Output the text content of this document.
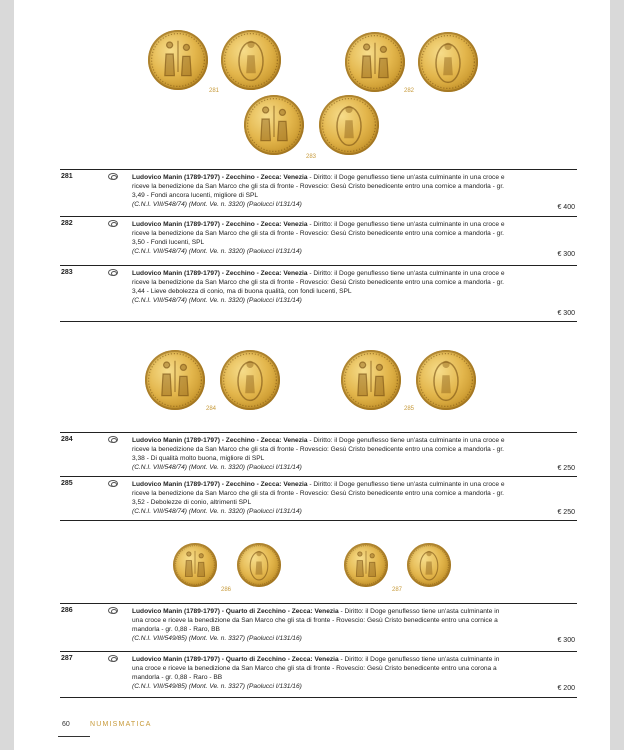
281	282
283
281	Ludovico Manin (1789-1797) - Zecchino - Zecca: Venezia - Diritto: il Doge genuflesso tiene un'asta culminante in una croce e riceve la benedizione da San Marco che gli sta di fronte - Rovescio: Gesù Cristo benedicente entro una cornice a mandorla - gr. 3,49 - Fondi ancora lucenti, migliore di SPL
(C.N.I. VIII/548/74) (Mont. Ve. n. 3320) (Paolucci I/131/14)	€ 400
282	Ludovico Manin (1789-1797) - Zecchino - Zecca: Venezia - Diritto: il Doge genuflesso tiene un'asta culminante in una croce e riceve la benedizione da San Marco che gli sta di fronte - Rovescio: Gesù Cristo benedicente entro una cornice a mandorla - gr. 3,50 - Fondi lucenti, SPL
(C.N.I. VIII/548/74) (Mont. Ve. n. 3320) (Paolucci I/131/14)	€ 300
283	Ludovico Manin (1789-1797) - Zecchino - Zecca: Venezia - Diritto: il Doge genuflesso tiene un'asta culminante in una croce e riceve la benedizione da San Marco che gli sta di fronte - Rovescio: Gesù Cristo benedicente entro una cornice a mandorla - gr. 3,44 - Lieve debolezza di conio, ma di buona qualità, con fondi lucenti, SPL
(C.N.I. VIII/548/74) (Mont. Ve. n. 3320) (Paolucci I/131/14)
€ 300
284	285
284	Ludovico Manin (1789-1797) - Zecchino - Zecca: Venezia - Diritto: il Doge genuflesso tiene un'asta culminante in una croce e riceve la benedizione da San Marco che gli sta di fronte - Rovescio: Gesù Cristo benedicente entro una cornice a mandorla - gr. 3,38 - Di qualità molto buona, migliore di SPL
(C.N.I. VIII/548/74) (Mont. Ve. n. 3320) (Paolucci I/131/14)	€ 250
285	Ludovico Manin (1789-1797) - Zecchino - Zecca: Venezia - Diritto: il Doge genuflesso tiene un'asta culminante in una croce e riceve la benedizione da San Marco che gli sta di fronte - Rovescio: Gesù Cristo benedicente entro una cornice a mandorla - gr. 3,52 - Debolezze di conio, altrimenti SPL
(C.N.I. VIII/548/74) (Mont. Ve. n. 3320) (Paolucci I/131/14)	€ 250
286	287
286	Ludovico Manin (1789-1797) - Quarto di Zecchino - Zecca: Venezia - Diritto: il Doge genuflesso tiene un'asta culminante in una croce e riceve la benedizione da San Marco che gli sta di fronte - Rovescio: Gesù Cristo benedicente entro una cornice a mandorla - gr. 0,88 - Raro, BB
(C.N.I. VIII/549/85) (Mont. Ve. n. 3327) (Paolucci I/131/16)	€ 300
287	Ludovico Manin (1789-1797) - Quarto di Zecchino - Zecca: Venezia - Diritto: il Doge genuflesso tiene un'asta culminante in una croce e riceve la benedizione da San Marco che gli sta di fronte - Rovescio: Gesù Cristo benedicente entro una corona a mandorla - gr. 0,88 - Raro - BB
(C.N.I. VIII/549/85) (Mont. Ve. n. 3327) (Paolucci I/131/16)	€ 200
60	NUMISMATICA
